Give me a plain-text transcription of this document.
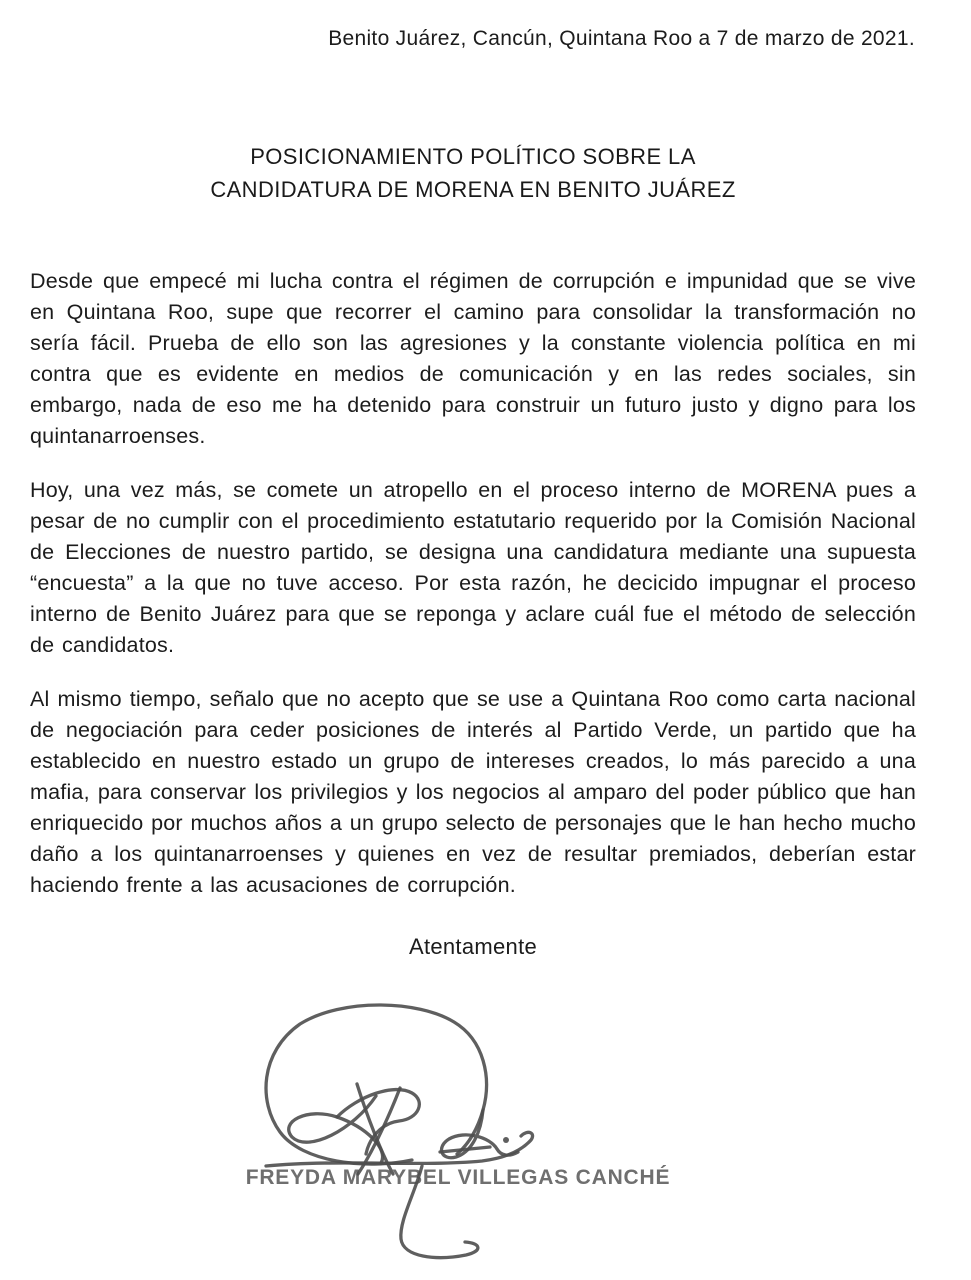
Benito Juárez, Cancún, Quintana Roo a 7 de marzo de 2021.
POSICIONAMIENTO POLÍTICO SOBRE LA
CANDIDATURA DE MORENA EN BENITO JUÁREZ

Desde que empecé mi lucha contra el régimen de corrupción e impunidad que se vive en Quintana Roo, supe que recorrer el camino para consolidar la transformación no sería fácil. Prueba de ello son las agresiones y la constante violencia política en mi contra que es evidente en medios de comunicación y en las redes sociales, sin embargo, nada de eso me ha detenido para construir un futuro justo y digno para los quintanarroenses.

Hoy, una vez más, se comete un atropello en el proceso interno de MORENA pues a pesar de no cumplir con el procedimiento estatutario requerido por la Comisión Nacional de Elecciones de nuestro partido, se designa una candidatura mediante una supuesta “encuesta” a la que no tuve acceso. Por esta razón, he decicido impugnar el proceso interno de Benito Juárez para que se reponga y aclare cuál fue el método de selección de candidatos.

Al mismo tiempo, señalo que no acepto que se use a Quintana Roo como carta nacional de negociación para ceder posiciones de interés al Partido Verde, un partido que ha establecido en nuestro estado un grupo de intereses creados, lo más parecido a una mafia, para conservar los privilegios y los negocios al amparo del poder público que han enriquecido por muchos años a un grupo selecto de personajes que le han hecho mucho daño a los quintanarroenses y quienes en vez de resultar premiados, deberían estar haciendo frente a las acusaciones de corrupción.

Atentamente
FREYDA MARYBEL VILLEGAS CANCHÉ
